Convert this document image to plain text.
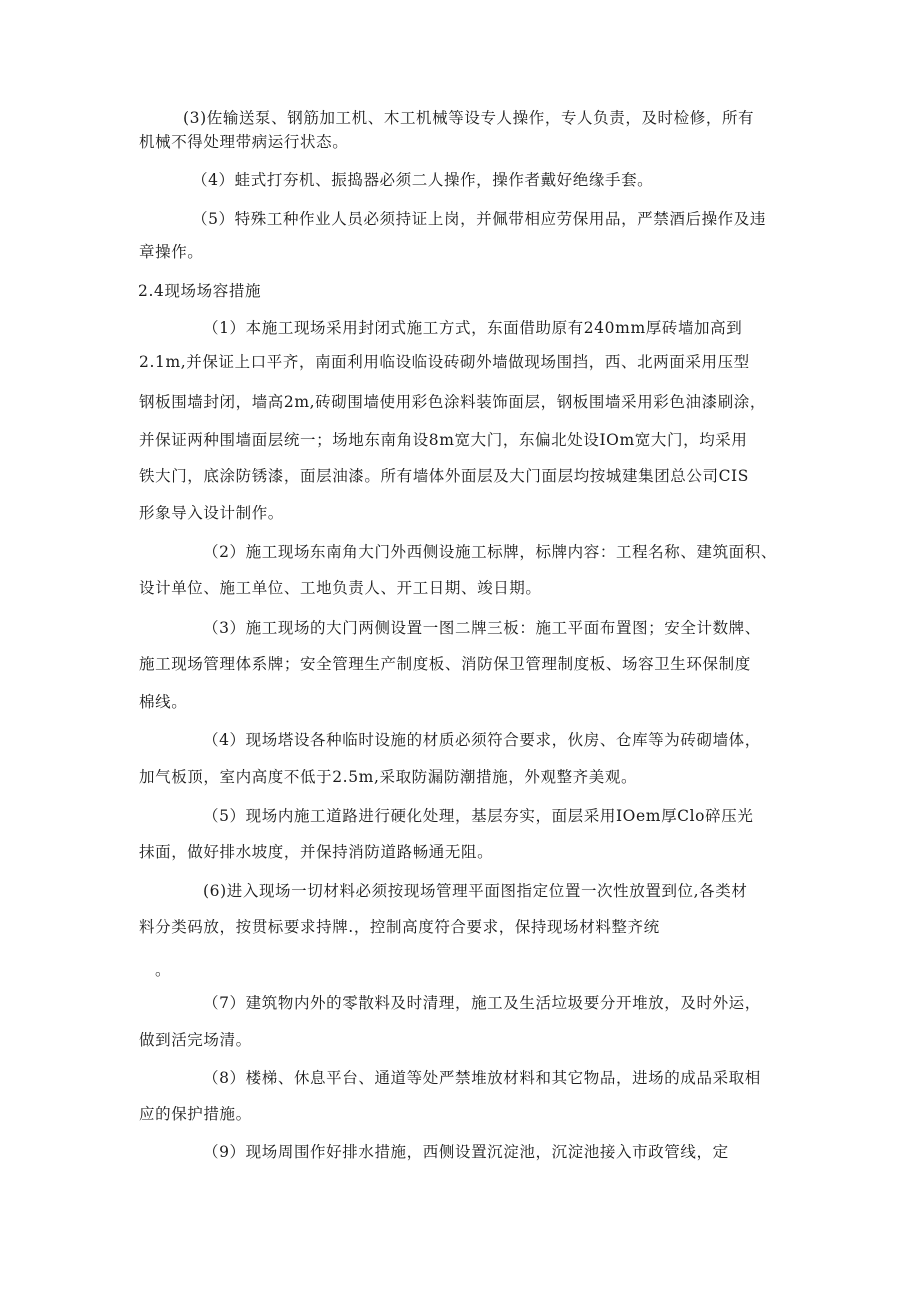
(3)佐输送泵、钢筋加工机、木工机械等设专人操作，专人负责，及时检修，所有
机械不得处理带病运行状态。
（4）蛙式打夯机、振捣器必须二人操作，操作者戴好绝缘手套。
（5）特殊工种作业人员必须持证上岗，并佩带相应劳保用品，严禁酒后操作及违
章操作。
2.4现场场容措施
（1）本施工现场采用封闭式施工方式，东面借助原有240mm厚砖墙加高到
2.1m,并保证上口平齐，南面利用临设临设砖砌外墙做现场围挡，西、北两面采用压型
钢板围墙封闭，墙高2m,砖砌围墙使用彩色涂料装饰面层，钢板围墙采用彩色油漆刷涂，
并保证两种围墙面层统一；场地东南角设8m宽大门，东偏北处设IOm宽大门，均采用
铁大门，底涂防锈漆，面层油漆。所有墙体外面层及大门面层均按城建集团总公司CIS
形象导入设计制作。
（2）施工现场东南角大门外西侧设施工标牌，标牌内容：工程名称、建筑面积、
设计单位、施工单位、工地负责人、开工日期、竣日期。
（3）施工现场的大门两侧设置一图二牌三板：施工平面布置图；安全计数牌、
施工现场管理体系牌；安全管理生产制度板、消防保卫管理制度板、场容卫生环保制度
棉线。
（4）现场塔设各种临时设施的材质必须符合要求，伙房、仓库等为砖砌墙体，
加气板顶，室内高度不低于2.5m,采取防漏防潮措施，外观整齐美观。
（5）现场内施工道路进行硬化处理，基层夯实，面层采用IOem厚Clo碎压光
抹面，做好排水坡度，并保持消防道路畅通无阻。
(6)进入现场一切材料必须按现场管理平面图指定位置一次性放置到位,各类材
料分类码放，按贯标要求持牌.，控制高度符合要求，保持现场材料整齐统
。
（7）建筑物内外的零散料及时清理，施工及生活垃圾要分开堆放，及时外运，
做到活完场清。
（8）楼梯、休息平台、通道等处严禁堆放材料和其它物品，进场的成品采取相
应的保护措施。
（9）现场周围作好排水措施，西侧设置沉淀池，沉淀池接入市政管线，定
